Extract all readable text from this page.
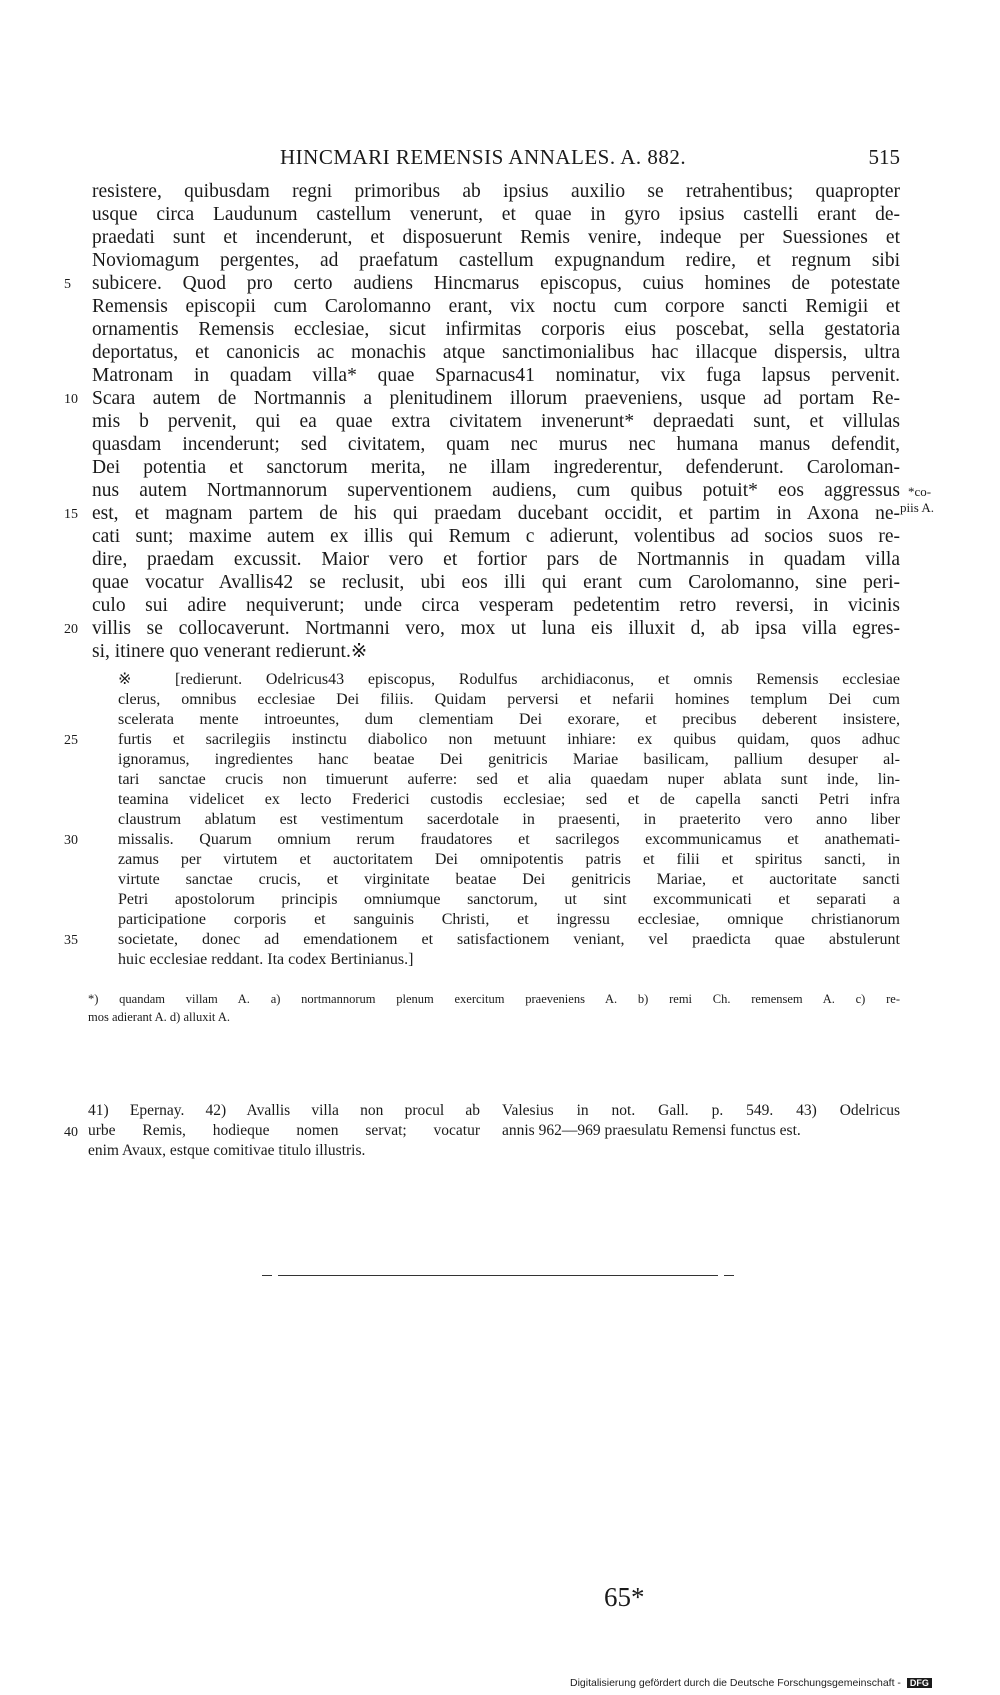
HINCMARI REMENSIS ANNALES. A. 882.	515
resistere, quibusdam regni primoribus ab ipsius auxilio se retrahentibus; quapropter
usque circa Laudunum castellum venerunt, et quae in gyro ipsius castelli erant de-
praedati sunt et incenderunt, et disposuerunt Remis venire, indeque per Suessiones et
Noviomagum pergentes, ad praefatum castellum expugnandum redire, et regnum sibi
subicere. Quod pro certo audiens Hincmarus episcopus, cuius homines de potestate
Remensis episcopii cum Carolomanno erant, vix noctu cum corpore sancti Remigii et
ornamentis Remensis ecclesiae, sicut infirmitas corporis eius poscebat, sella gestatoria
deportatus, et canonicis ac monachis atque sanctimonialibus hac illacque dispersis, ultra
Matronam in quadam villa* quae Sparnacus41 nominatur, vix fuga lapsus pervenit.
Scara autem de Nortmannis a plenitudinem illorum praeveniens, usque ad portam Re-
mis b pervenit, qui ea quae extra civitatem invenerunt* depraedati sunt, et villulas
quasdam incenderunt; sed civitatem, quam nec murus nec humana manus defendit,
Dei potentia et sanctorum merita, ne illam ingrederentur, defenderunt. Caroloman-
nus autem Nortmannorum superventionem audiens, cum quibus potuit* eos aggressus
est, et magnam partem de his qui praedam ducebant occidit, et partim in Axona ne-
cati sunt; maxime autem ex illis qui Remum c adierunt, volentibus ad socios suos re-
dire, praedam excussit. Maior vero et fortior pars de Nortmannis in quadam villa
quae vocatur Avallis42 se reclusit, ubi eos illi qui erant cum Carolomanno, sine peri-
culo sui adire nequiverunt; unde circa vesperam pedetentim retro reversi, in vicinis
villis se collocaverunt. Nortmanni vero, mox ut luna eis illuxit d, ab ipsa villa egres-
si, itinere quo venerant redierunt.※
5
10
15
20
*co-
piis A.
※ [redierunt. Odelricus43 episcopus, Rodulfus archidiaconus, et omnis Remensis ecclesiae
clerus, omnibus ecclesiae Dei filiis. Quidam perversi et nefarii homines templum Dei cum
scelerata mente introeuntes, dum clementiam Dei exorare, et precibus deberent insistere,
furtis et sacrilegiis instinctu diabolico non metuunt inhiare: ex quibus quidam, quos adhuc
ignoramus, ingredientes hanc beatae Dei genitricis Mariae basilicam, pallium desuper al-
tari sanctae crucis non timuerunt auferre: sed et alia quaedam nuper ablata sunt inde, lin-
teamina videlicet ex lecto Frederici custodis ecclesiae; sed et de capella sancti Petri infra
claustrum ablatum est vestimentum sacerdotale in praesenti, in praeterito vero anno liber
missalis. Quarum omnium rerum fraudatores et sacrilegos excommunicamus et anathemati-
zamus per virtutem et auctoritatem Dei omnipotentis patris et filii et spiritus sancti, in
virtute sanctae crucis, et virginitate beatae Dei genitricis Mariae, et auctoritate sancti
Petri apostolorum principis omniumque sanctorum, ut sint excommunicati et separati a
participatione corporis et sanguinis Christi, et ingressu ecclesiae, omnique christianorum
societate, donec ad emendationem et satisfactionem veniant, vel praedicta quae abstulerunt
huic ecclesiae reddant. Ita codex Bertinianus.]
25
30
35
*) quandam villam A. a) nortmannorum plenum exercitum praeveniens A. b) remi Ch. remensem A. c) re-
mos adierant A. d) alluxit A.
41) Epernay. 42) Avallis villa non procul ab
urbe Remis, hodieque nomen servat; vocatur
enim Avaux, estque comitivae titulo illustris.
40
Valesius in not. Gall. p. 549. 43) Odelricus
annis 962—969 praesulatu Remensi functus est.
65*
Digitalisierung gefördert durch die Deutsche Forschungsgemeinschaft - DFG
